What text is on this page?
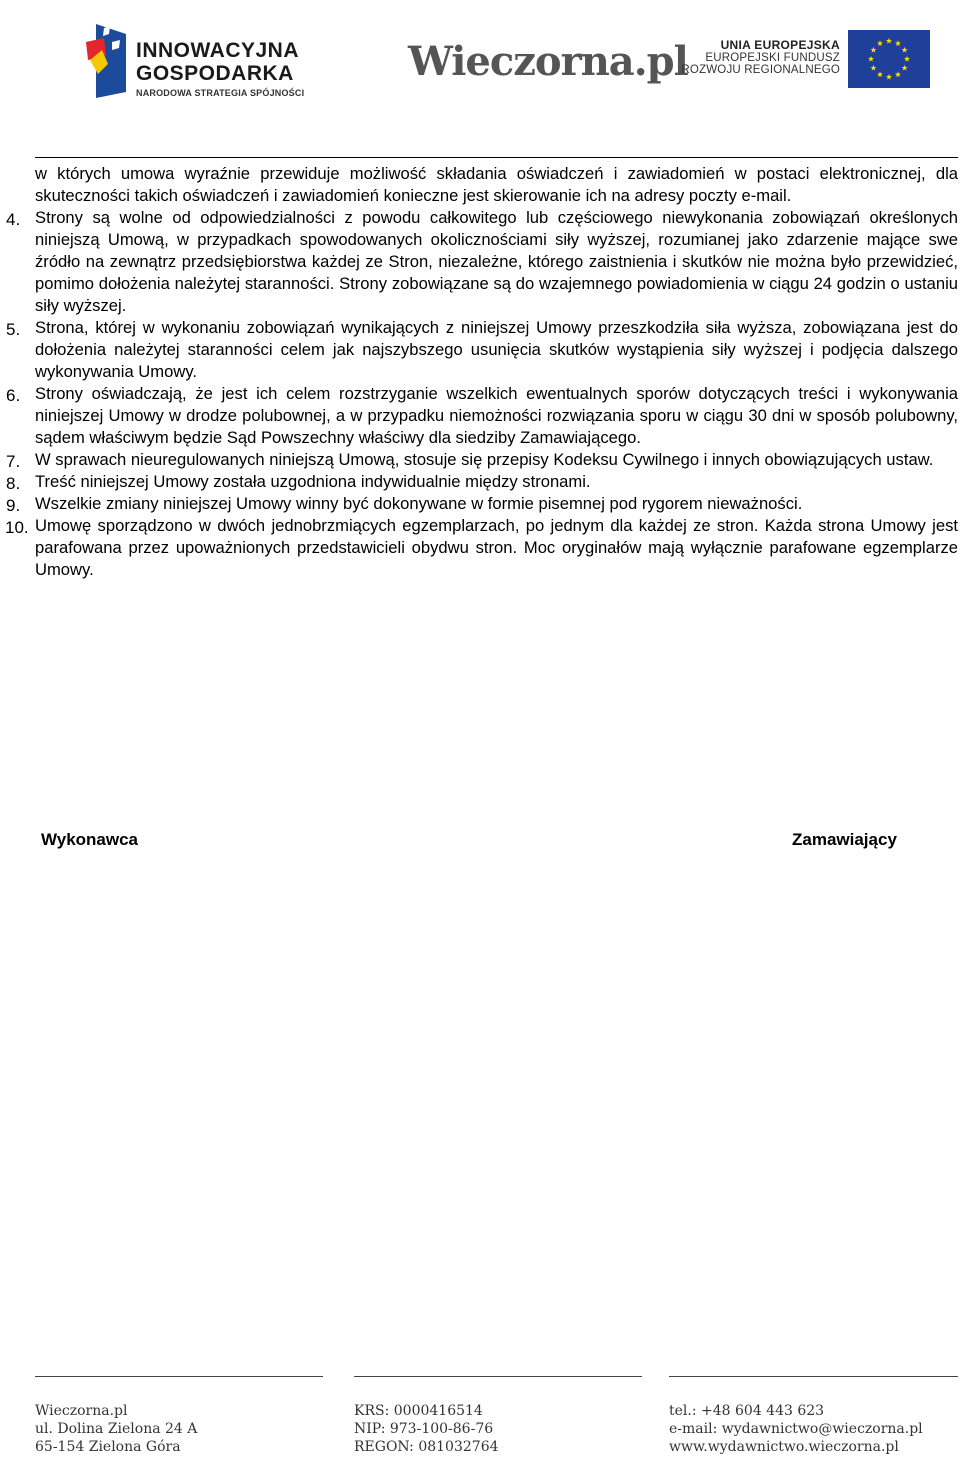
INNOWACYJNA
GOSPODARKA
NARODOWA STRATEGIA SPÓJNOŚCI
Wieczorna.pl	UNIA EUROPEJSKA
EUROPEJSKI FUNDUSZ
ROZWOJU REGIONALNEGO

w których umowa wyraźnie przewiduje możliwość składania oświadczeń i zawiadomień w postaci elektronicznej, dla skuteczności takich oświadczeń i zawiadomień konieczne jest skierowanie ich na adresy poczty e-mail.

4. Strony są wolne od odpowiedzialności z powodu całkowitego lub częściowego niewykonania zobowiązań określonych niniejszą Umową, w przypadkach spowodowanych okolicznościami siły wyższej, rozumianej jako zdarzenie mające swe źródło na zewnątrz przedsiębiorstwa każdej ze Stron, niezależne, którego zaistnienia i skutków nie można było przewidzieć, pomimo dołożenia należytej staranności. Strony zobowiązane są do wzajemnego powiadomienia w ciągu 24 godzin o ustaniu siły wyższej.

5. Strona, której w wykonaniu zobowiązań wynikających z niniejszej Umowy przeszkodziła siła wyższa, zobowiązana jest do dołożenia należytej staranności celem jak najszybszego usunięcia skutków wystąpienia siły wyższej i podjęcia dalszego wykonywania Umowy.

6. Strony oświadczają, że jest ich celem rozstrzyganie wszelkich ewentualnych sporów dotyczących treści i wykonywania niniejszej Umowy w drodze polubownej, a w przypadku niemożności rozwiązania sporu w ciągu 30 dni w sposób polubowny, sądem właściwym będzie Sąd Powszechny właściwy dla siedziby Zamawiającego.

7. W sprawach nieuregulowanych niniejszą Umową, stosuje się przepisy Kodeksu Cywilnego i innych obowiązujących ustaw.

8. Treść niniejszej Umowy została uzgodniona indywidualnie między stronami.

9. Wszelkie zmiany niniejszej Umowy winny być dokonywane w formie pisemnej pod rygorem nieważności.

10. Umowę sporządzono w dwóch jednobrzmiących egzemplarzach, po jednym dla każdej ze stron. Każda strona Umowy jest parafowana przez upoważnionych przedstawicieli obydwu stron. Moc oryginałów mają wyłącznie parafowane egzemplarze Umowy.

Wykonawca	Zamawiający
Wieczorna.pl
ul. Dolina Zielona 24 A
65-154 Zielona Góra
KRS: 0000416514
NIP: 973-100-86-76
REGON: 081032764
tel.: +48 604 443 623
e-mail: wydawnictwo@wieczorna.pl
www.wydawnictwo.wieczorna.pl
